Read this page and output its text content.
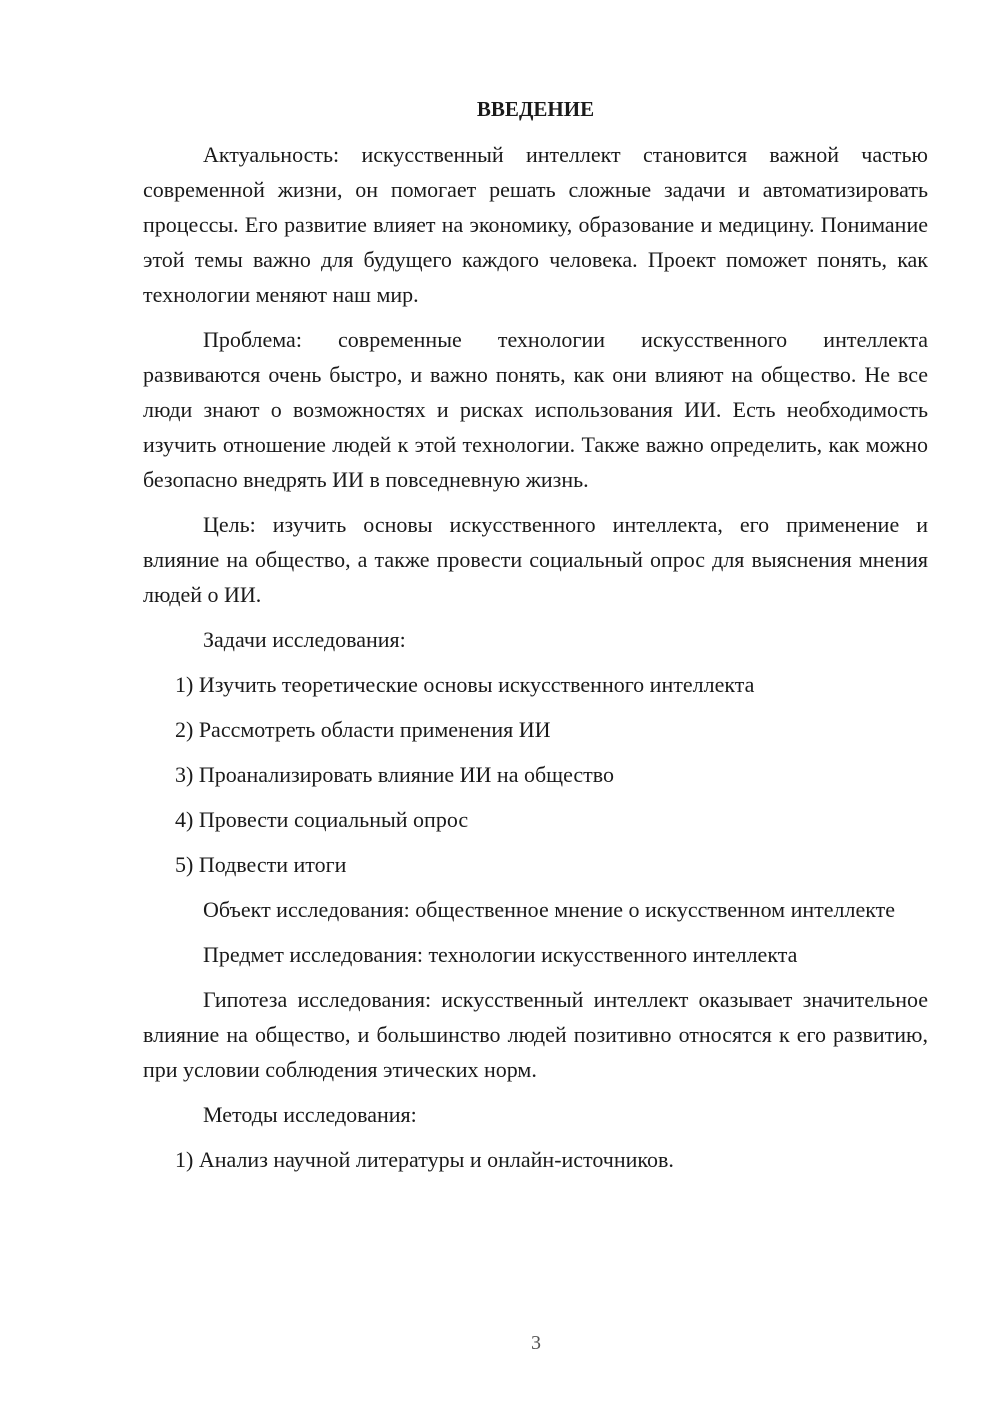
ВВЕДЕНИЕ
Актуальность: искусственный интеллект становится важной частью современной жизни, он помогает решать сложные задачи и автоматизировать процессы. Его развитие влияет на экономику, образование и медицину. Понимание этой темы важно для будущего каждого человека. Проект поможет понять, как технологии меняют наш мир.
Проблема: современные технологии искусственного интеллекта развиваются очень быстро, и важно понять, как они влияют на общество. Не все люди знают о возможностях и рисках использования ИИ. Есть необходимость изучить отношение людей к этой технологии. Также важно определить, как можно безопасно внедрять ИИ в повседневную жизнь.
Цель: изучить основы искусственного интеллекта, его применение и влияние на общество, а также провести социальный опрос для выяснения мнения людей о ИИ.
Задачи исследования:
1) Изучить теоретические основы искусственного интеллекта
2) Рассмотреть области применения ИИ
3) Проанализировать влияние ИИ на общество
4) Провести социальный опрос
5) Подвести итоги
Объект исследования: общественное мнение о искусственном интеллекте
Предмет исследования: технологии искусственного интеллекта
Гипотеза исследования: искусственный интеллект оказывает значительное влияние на общество, и большинство людей позитивно относятся к его развитию, при условии соблюдения этических норм.
Методы исследования:
1) Анализ научной литературы и онлайн-источников.
3
